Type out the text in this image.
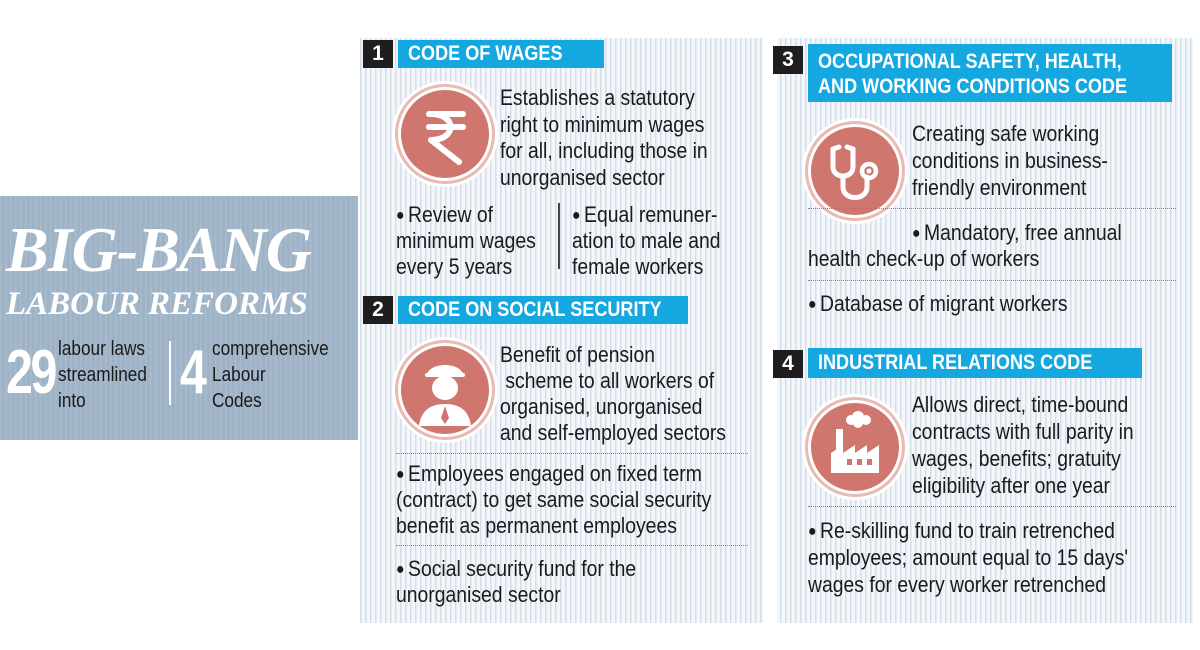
BIG-BANG
LABOUR REFORMS
29 labour laws
streamlined
into 4 comprehensive
Labour
Codes
1	CODE OF WAGES
Establishes a statutory
right to minimum wages
for all, including those in
unorganised sector
● Review of
minimum wages
every 5 years
● Equal remuner-
ation to male and
female workers
2	CODE ON SOCIAL SECURITY
Benefit of pension
scheme to all workers of
organised, unorganised
and self-employed sectors
● Employees engaged on fixed term
(contract) to get same social security
benefit as permanent employees
● Social security fund for the
unorganised sector
3	OCCUPATIONAL SAFETY, HEALTH,
AND WORKING CONDITIONS CODE
Creating safe working
conditions in business-
friendly environment
● Mandatory, free annual
health check-up of workers
● Database of migrant workers
4	INDUSTRIAL RELATIONS CODE
Allows direct, time-bound
contracts with full parity in
wages, benefits; gratuity
eligibility after one year
● Re-skilling fund to train retrenched
employees; amount equal to 15 days'
wages for every worker retrenched
